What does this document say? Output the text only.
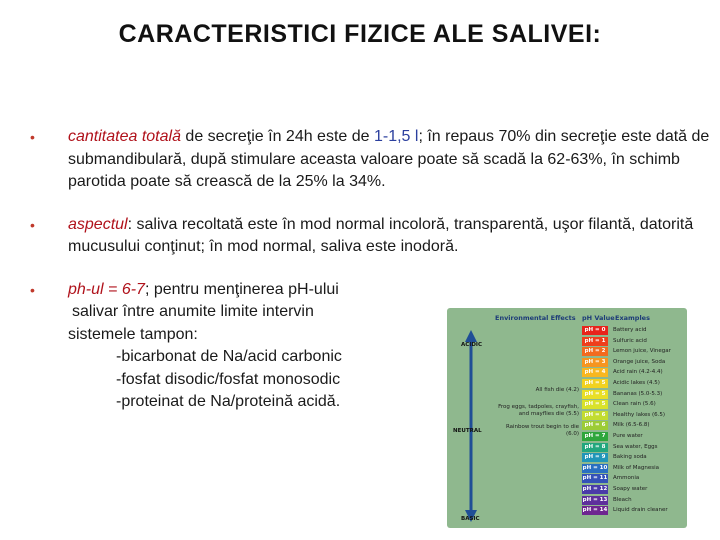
CARACTERISTICI FIZICE ALE SALIVEI:
• cantitatea totală de secreţie în 24h este de 1-1,5 l; în repaus 70% din secreţie este dată de submandibulară, după stimulare aceasta valoare poate să scadă la 62-63%, în schimb parotida poate să crească de la 25% la 34%.
• aspectul: saliva recoltată este în mod normal incoloră, transparentă, uşor filantă, datorită mucusului conţinut; în mod normal, saliva este inodoră.
• ph-ul = 6-7; pentru menţinerea pH-ului
salivar între anumite limite intervin
sistemele tampon:
-bicarbonat de Na/acid carbonic
-fosfat disodic/fosfat monosodic
-proteinat de Na/proteină acidă.
Environmental Effects pH Value Examples
ACIDIC
NEUTRAL
BASIC
All fish die (4.2)
Frog eggs, tadpoles, crayfish, and mayflies die (5.5)
Rainbow trout begin to die (6.0)
pH = 0	Battery acid
pH = 1	Sulfuric acid
pH = 2	Lemon juice, Vinegar
pH = 3	Orange juice, Soda
pH = 4	Acid rain (4.2-4.4)
pH = 5	Acidic lakes (4.5)
pH = 5	Bananas (5.0-5.3)
pH = 5	Clean rain (5.6)
pH = 6	Healthy lakes (6.5)
pH = 6	Milk (6.5-6.8)
pH = 7	Pure water
pH = 8	Sea water, Eggs
pH = 9	Baking soda
pH = 10 Milk of Magnesia
pH = 11 Ammonia
pH = 12 Soapy water
pH = 13 Bleach
pH = 14 Liquid drain cleaner
